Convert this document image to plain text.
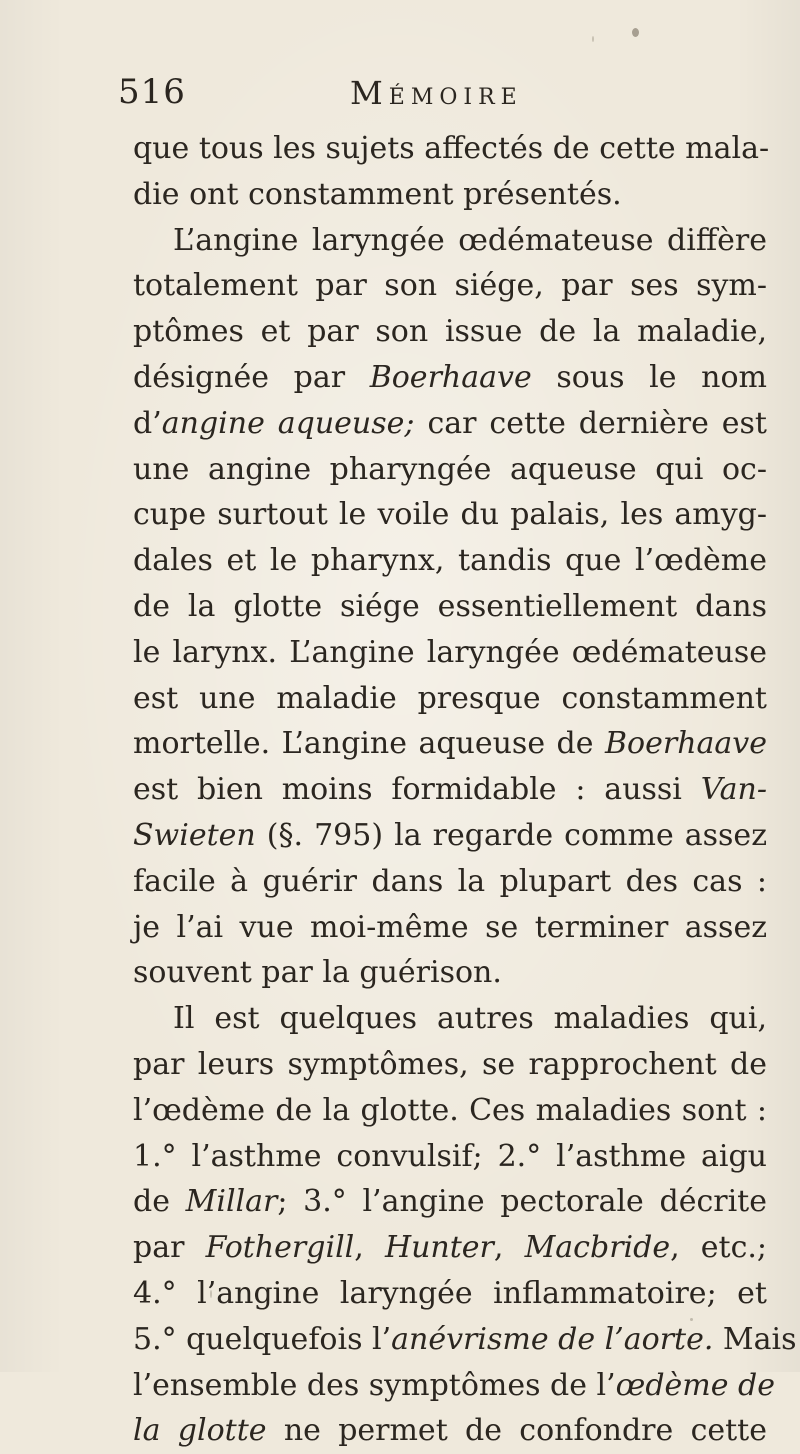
516	Mémoire
que tous les sujets affectés de cette mala-
die ont constamment présentés.
L’angine laryngée œdémateuse diffère
totalement par son siége, par ses sym-
ptômes et par son issue de la maladie,
désignée par Boerhaave sous le nom
d’angine aqueuse; car cette dernière est
une angine pharyngée aqueuse qui oc-
cupe surtout le voile du palais, les amyg-
dales et le pharynx, tandis que l’œdème
de la glotte siége essentiellement dans
le larynx. L’angine laryngée œdémateuse
est une maladie presque constamment
mortelle. L’angine aqueuse de Boerhaave
est bien moins formidable : aussi Van-
Swieten (§. 795) la regarde comme assez
facile à guérir dans la plupart des cas :
je l’ai vue moi-même se terminer assez
souvent par la guérison.
Il est quelques autres maladies qui,
par leurs symptômes, se rapprochent de
l’œdème de la glotte. Ces maladies sont :
1.° l’asthme convulsif; 2.° l’asthme aigu
de Millar; 3.° l’angine pectorale décrite
par Fothergill, Hunter, Macbride, etc.;
4.° l’angine laryngée inflammatoire; et
5.° quelquefois l’anévrisme de l’aorte. Mais
l’ensemble des symptômes de l’œdème de
la glotte ne permet de confondre cette
